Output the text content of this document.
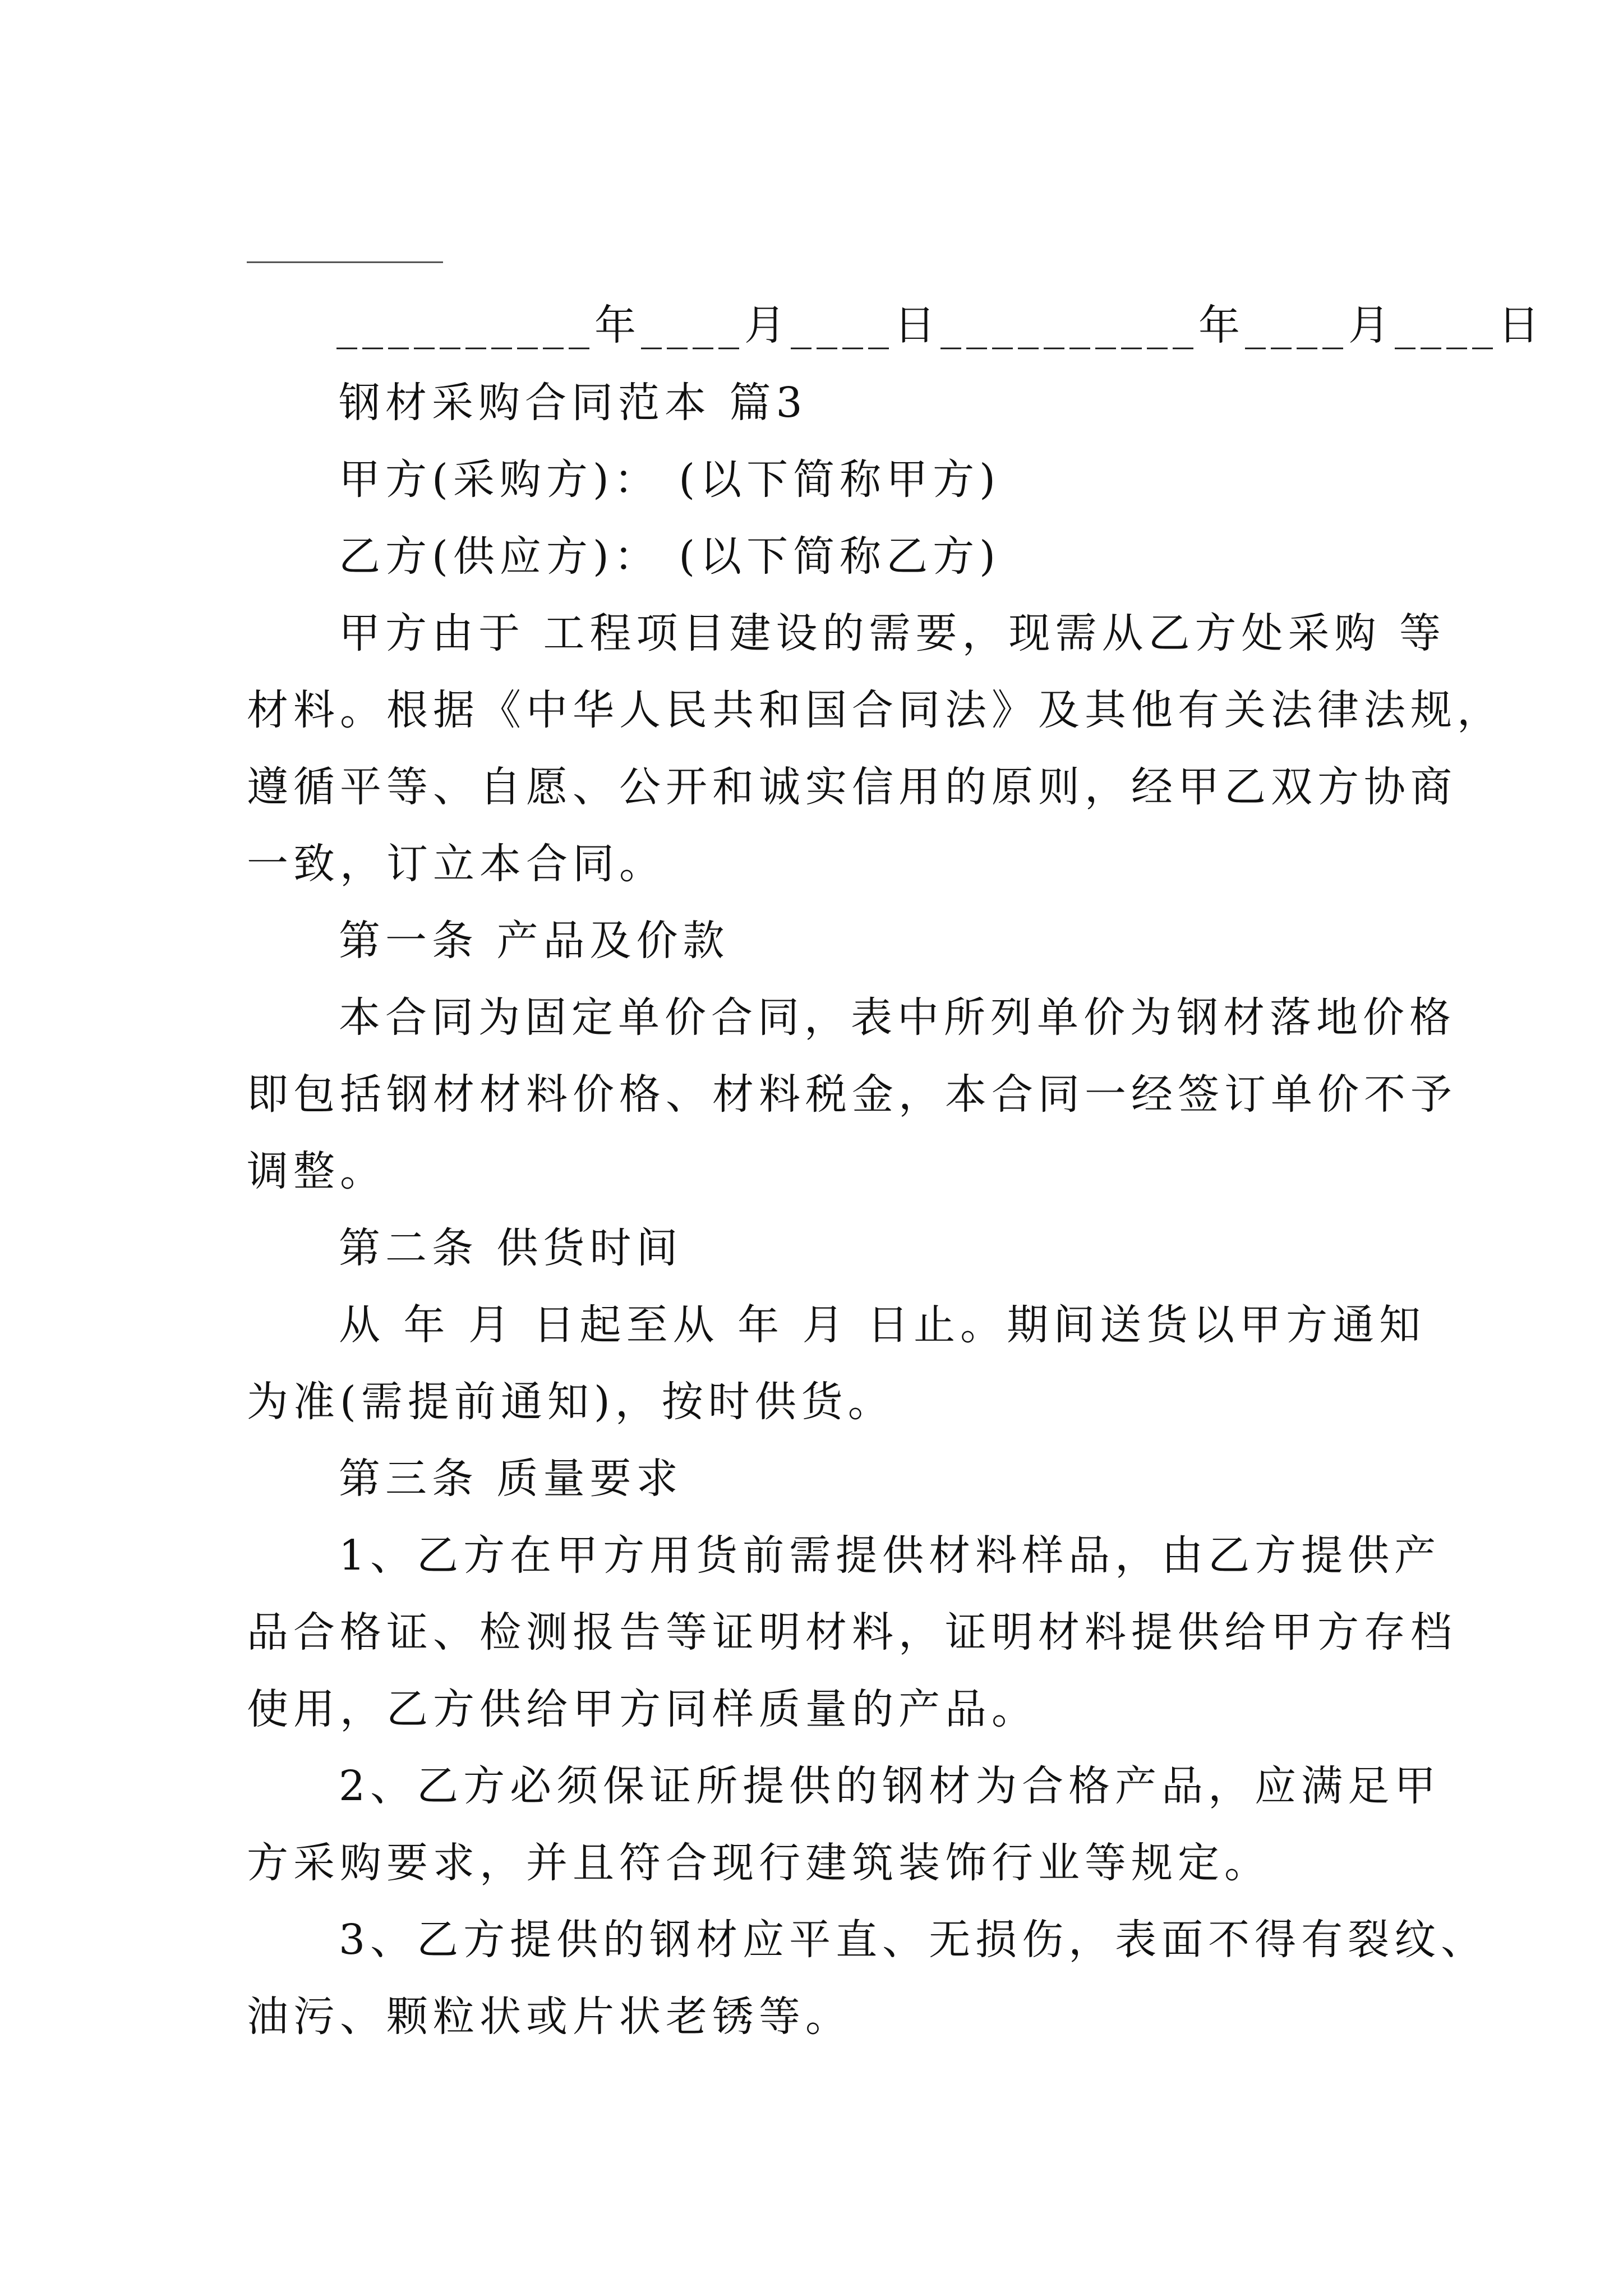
__________年____月____日__________年____月____日

钢材采购合同范本 篇3

甲方(采购方)： (以下简称甲方)

乙方(供应方)： (以下简称乙方)

甲方由于 工程项目建设的需要，现需从乙方处采购 等

材料。根据《中华人民共和国合同法》及其他有关法律法规，

遵循平等、自愿、公开和诚实信用的原则，经甲乙双方协商

一致，订立本合同。

第一条 产品及价款

本合同为固定单价合同，表中所列单价为钢材落地价格

即包括钢材材料价格、材料税金，本合同一经签订单价不予

调整。

第二条 供货时间

从 年 月 日起至从 年 月 日止。期间送货以甲方通知

为准(需提前通知)，按时供货。

第三条 质量要求

1、乙方在甲方用货前需提供材料样品，由乙方提供产

品合格证、检测报告等证明材料，证明材料提供给甲方存档

使用，乙方供给甲方同样质量的产品。

2、乙方必须保证所提供的钢材为合格产品，应满足甲

方采购要求，并且符合现行建筑装饰行业等规定。

3、乙方提供的钢材应平直、无损伤，表面不得有裂纹、

油污、颗粒状或片状老锈等。
